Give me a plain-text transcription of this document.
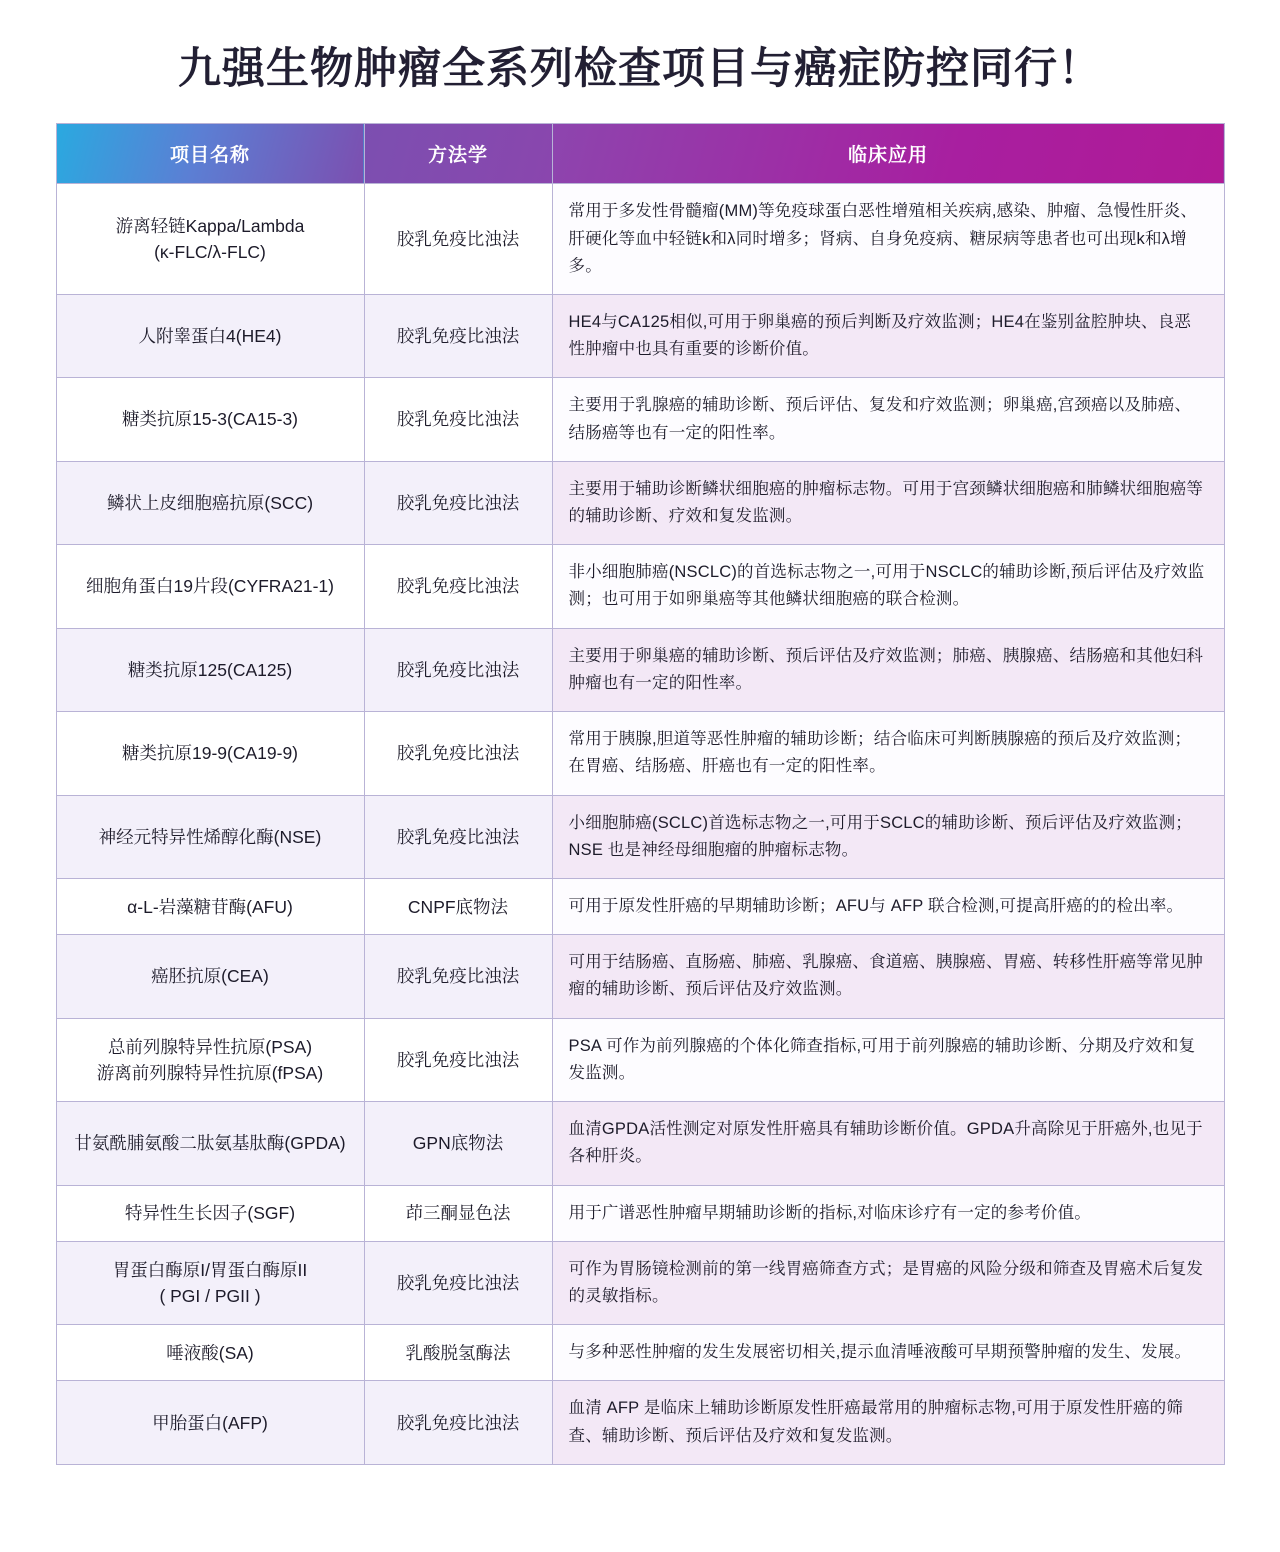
九强生物肿瘤全系列检查项目与癌症防控同行！
项目名称	方法学	临床应用

游离轻链Kappa/Lambda
(κ-FLC/λ-FLC)	胶乳免疫比浊法	常用于多发性骨髓瘤(MM)等免疫球蛋白恶性增殖相关疾病,感染、肿瘤、急慢性肝炎、肝硬化等血中轻链k和λ同时增多；肾病、自身免疫病、糖尿病等患者也可出现k和λ增多。

人附睾蛋白4(HE4)	胶乳免疫比浊法	HE4与CA125相似,可用于卵巢癌的预后判断及疗效监测；HE4在鉴别盆腔肿块、良恶性肿瘤中也具有重要的诊断价值。

糖类抗原15-3(CA15-3)	胶乳免疫比浊法	主要用于乳腺癌的辅助诊断、预后评估、复发和疗效监测；卵巢癌,宫颈癌以及肺癌、结肠癌等也有一定的阳性率。

鳞状上皮细胞癌抗原(SCC)	胶乳免疫比浊法	主要用于辅助诊断鳞状细胞癌的肿瘤标志物。可用于宫颈鳞状细胞癌和肺鳞状细胞癌等的辅助诊断、疗效和复发监测。

细胞角蛋白19片段(CYFRA21-1)	胶乳免疫比浊法	非小细胞肺癌(NSCLC)的首选标志物之一,可用于NSCLC的辅助诊断,预后评估及疗效监测；也可用于如卵巢癌等其他鳞状细胞癌的联合检测。

糖类抗原125(CA125)	胶乳免疫比浊法	主要用于卵巢癌的辅助诊断、预后评估及疗效监测；肺癌、胰腺癌、结肠癌和其他妇科肿瘤也有一定的阳性率。

糖类抗原19-9(CA19-9)	胶乳免疫比浊法	常用于胰腺,胆道等恶性肿瘤的辅助诊断；结合临床可判断胰腺癌的预后及疗效监测；在胃癌、结肠癌、肝癌也有一定的阳性率。

神经元特异性烯醇化酶(NSE)	胶乳免疫比浊法	小细胞肺癌(SCLC)首选标志物之一,可用于SCLC的辅助诊断、预后评估及疗效监测；NSE 也是神经母细胞瘤的肿瘤标志物。

α-L-岩藻糖苷酶(AFU)	CNPF底物法	可用于原发性肝癌的早期辅助诊断；AFU与 AFP 联合检测,可提高肝癌的的检出率。

癌胚抗原(CEA)	胶乳免疫比浊法	可用于结肠癌、直肠癌、肺癌、乳腺癌、食道癌、胰腺癌、胃癌、转移性肝癌等常见肿瘤的辅助诊断、预后评估及疗效监测。

总前列腺特异性抗原(PSA)
游离前列腺特异性抗原(fPSA)	胶乳免疫比浊法	PSA 可作为前列腺癌的个体化筛查指标,可用于前列腺癌的辅助诊断、分期及疗效和复发监测。

甘氨酰脯氨酸二肽氨基肽酶(GPDA)	GPN底物法	血清GPDA活性测定对原发性肝癌具有辅助诊断价值。GPDA升高除见于肝癌外,也见于各种肝炎。

特异性生长因子(SGF)	茚三酮显色法	用于广谱恶性肿瘤早期辅助诊断的指标,对临床诊疗有一定的参考价值。

胃蛋白酶原I/胃蛋白酶原II
( PGI / PGII )	胶乳免疫比浊法	可作为胃肠镜检测前的第一线胃癌筛查方式；是胃癌的风险分级和筛查及胃癌术后复发的灵敏指标。

唾液酸(SA)	乳酸脱氢酶法	与多种恶性肿瘤的发生发展密切相关,提示血清唾液酸可早期预警肿瘤的发生、发展。

甲胎蛋白(AFP)	胶乳免疫比浊法	血清 AFP 是临床上辅助诊断原发性肝癌最常用的肿瘤标志物,可用于原发性肝癌的筛查、辅助诊断、预后评估及疗效和复发监测。
